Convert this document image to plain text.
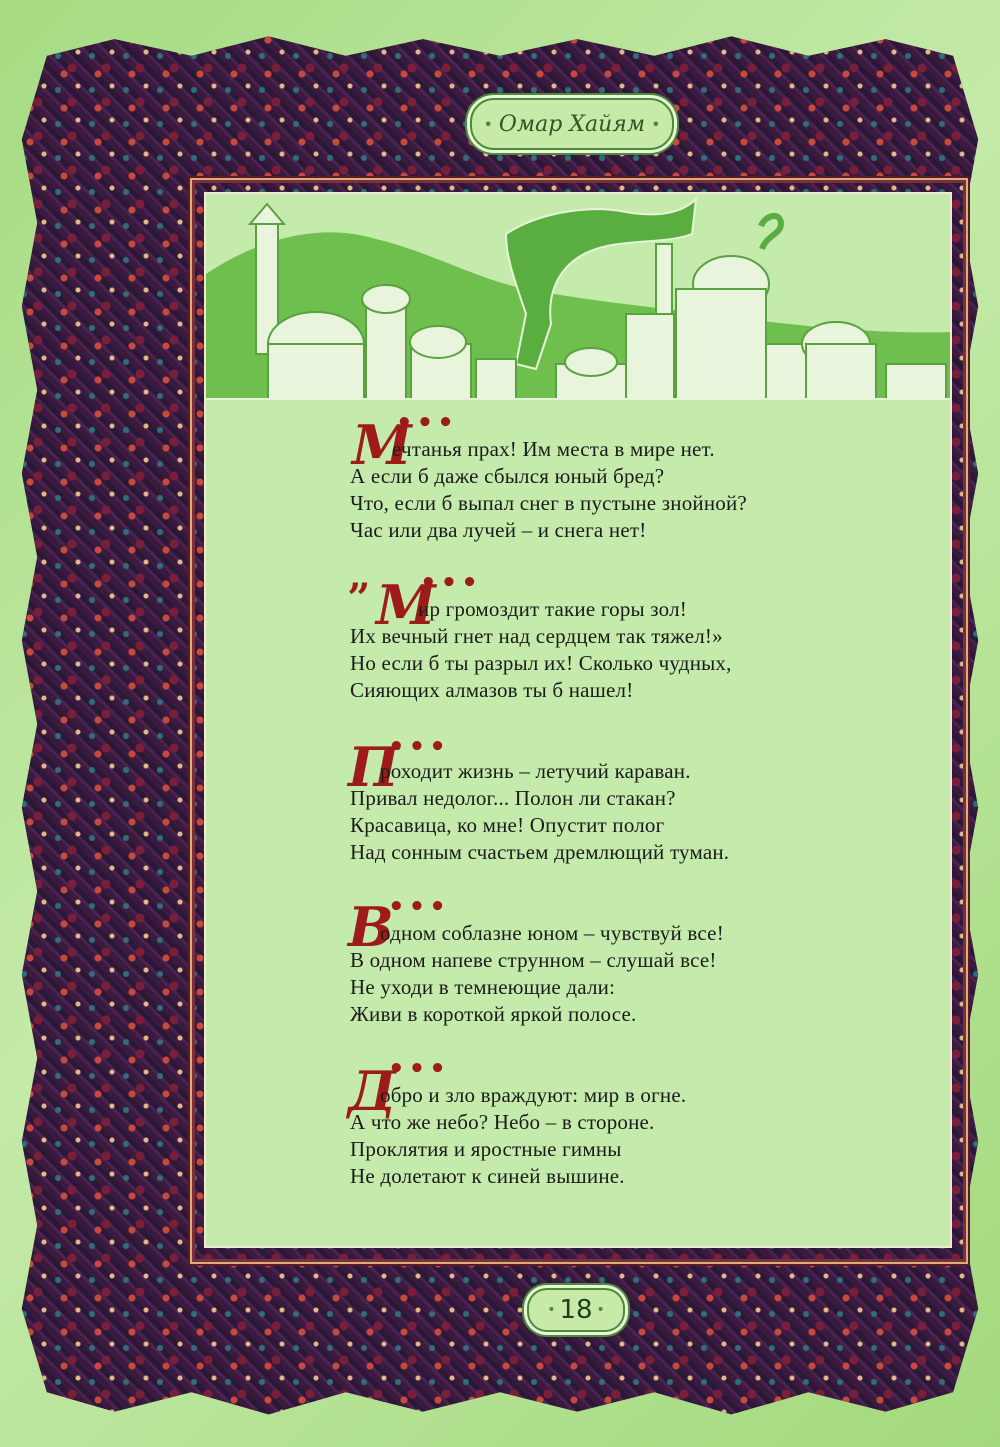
• Омар Хайям •
М
•••
ечтанья прах! Им места в мире нет.
А если б даже сбылся юный бред?
Что, если б выпал снег в пустыне знойной?
Час или два лучей – и снега нет!
„ М
•••
ир громоздит такие горы зол!
Их вечный гнет над сердцем так тяжел!»
Но если б ты разрыл их! Сколько чудных,
Сияющих алмазов ты б нашел!
П
•••
роходит жизнь – летучий караван.
Привал недолог... Полон ли стакан?
Красавица, ко мне! Опустит полог
Над сонным счастьем дремлющий туман.
В
•••
одном соблазне юном – чувствуй все!
В одном напеве струнном – слушай все!
Не уходи в темнеющие дали:
Живи в короткой яркой полосе.
Д
•••
обро и зло враждуют: мир в огне.
А что же небо? Небо – в стороне.
Проклятия и яростные гимны
Не долетают к синей вышине.
• 18 •
